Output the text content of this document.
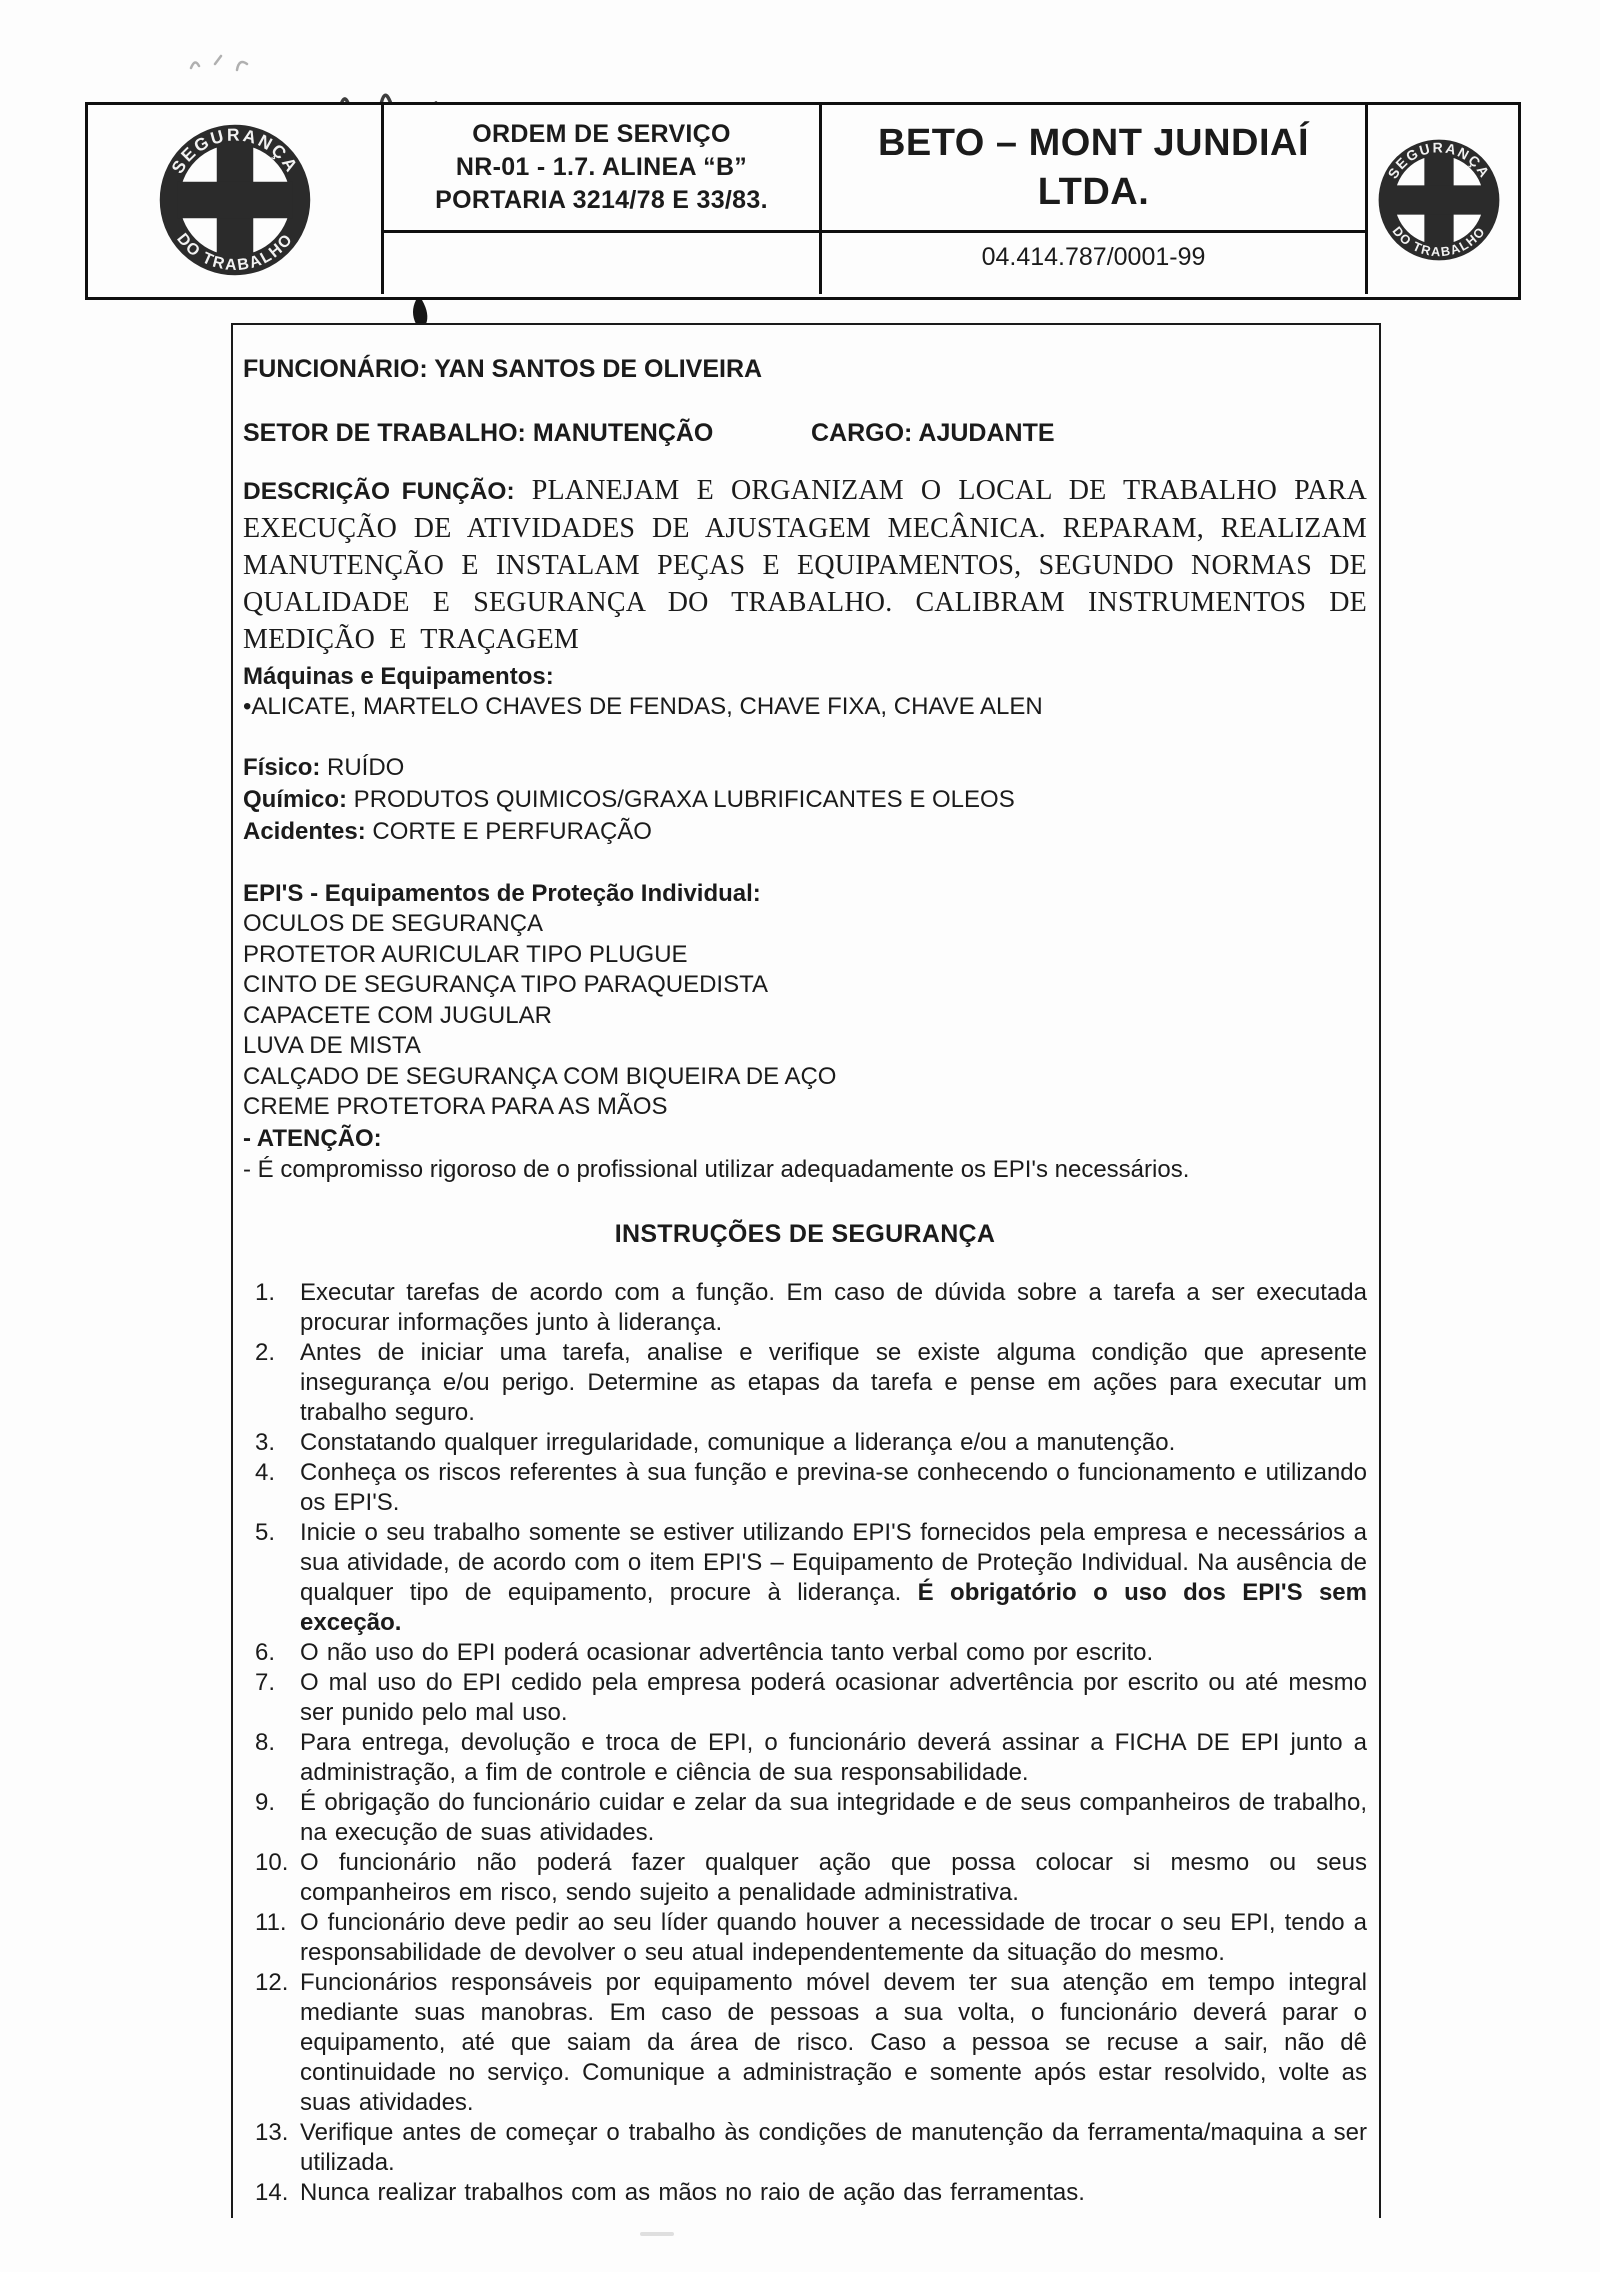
ORDEM DE SERVIÇO
NR-01 - 1.7. ALINEA “B”
PORTARIA 3214/78 E 33/83.
BETO – MONT JUNDIAÍ
LTDA.
04.414.787/0001-99
FUNCIONÁRIO: YAN SANTOS DE OLIVEIRA
SETOR DE TRABALHO: MANUTENÇÃO	CARGO: AJUDANTE
DESCRIÇÃO FUNÇÃO: PLANEJAM E ORGANIZAM O LOCAL DE TRABALHO PARA EXECUÇÃO DE ATIVIDADES DE AJUSTAGEM MECÂNICA. REPARAM, REALIZAM MANUTENÇÃO E INSTALAM PEÇAS E EQUIPAMENTOS, SEGUNDO NORMAS DE QUALIDADE E SEGURANÇA DO TRABALHO. CALIBRAM INSTRUMENTOS DE MEDIÇÃO E TRAÇAGEM
Máquinas e Equipamentos:
•ALICATE, MARTELO CHAVES DE FENDAS, CHAVE FIXA, CHAVE ALEN
Físico: RUÍDO
Químico: PRODUTOS QUIMICOS/GRAXA LUBRIFICANTES E OLEOS
Acidentes: CORTE E PERFURAÇÃO
EPI'S - Equipamentos de Proteção Individual:
OCULOS DE SEGURANÇA
PROTETOR AURICULAR TIPO PLUGUE
CINTO DE SEGURANÇA TIPO PARAQUEDISTA
CAPACETE COM JUGULAR
LUVA DE MISTA
CALÇADO DE SEGURANÇA COM BIQUEIRA DE AÇO
CREME PROTETORA PARA AS MÃOS
- ATENÇÃO:
- É compromisso rigoroso de o profissional utilizar adequadamente os EPI's necessários.
INSTRUÇÕES DE SEGURANÇA
1. Executar tarefas de acordo com a função. Em caso de dúvida sobre a tarefa a ser executada procurar informações junto à liderança.
2. Antes de iniciar uma tarefa, analise e verifique se existe alguma condição que apresente insegurança e/ou perigo. Determine as etapas da tarefa e pense em ações para executar um trabalho seguro.
3. Constatando qualquer irregularidade, comunique a liderança e/ou a manutenção.
4. Conheça os riscos referentes à sua função e previna-se conhecendo o funcionamento e utilizando os EPI'S.
5. Inicie o seu trabalho somente se estiver utilizando EPI'S fornecidos pela empresa e necessários a sua atividade, de acordo com o item EPI'S – Equipamento de Proteção Individual. Na ausência de qualquer tipo de equipamento, procure à liderança. É obrigatório o uso dos EPI'S sem exceção.
6. O não uso do EPI poderá ocasionar advertência tanto verbal como por escrito.
7. O mal uso do EPI cedido pela empresa poderá ocasionar advertência por escrito ou até mesmo ser punido pelo mal uso.
8. Para entrega, devolução e troca de EPI, o funcionário deverá assinar a FICHA DE EPI junto a administração, a fim de controle e ciência de sua responsabilidade.
9. É obrigação do funcionário cuidar e zelar da sua integridade e de seus companheiros de trabalho, na execução de suas atividades.
10. O funcionário não poderá fazer qualquer ação que possa colocar si mesmo ou seus companheiros em risco, sendo sujeito a penalidade administrativa.
11. O funcionário deve pedir ao seu líder quando houver a necessidade de trocar o seu EPI, tendo a responsabilidade de devolver o seu atual independentemente da situação do mesmo.
12. Funcionários responsáveis por equipamento móvel devem ter sua atenção em tempo integral mediante suas manobras. Em caso de pessoas a sua volta, o funcionário deverá parar o equipamento, até que saiam da área de risco. Caso a pessoa se recuse a sair, não dê continuidade no serviço. Comunique a administração e somente após estar resolvido, volte as suas atividades.
13. Verifique antes de começar o trabalho às condições de manutenção da ferramenta/maquina a ser utilizada.
14. Nunca realizar trabalhos com as mãos no raio de ação das ferramentas.
